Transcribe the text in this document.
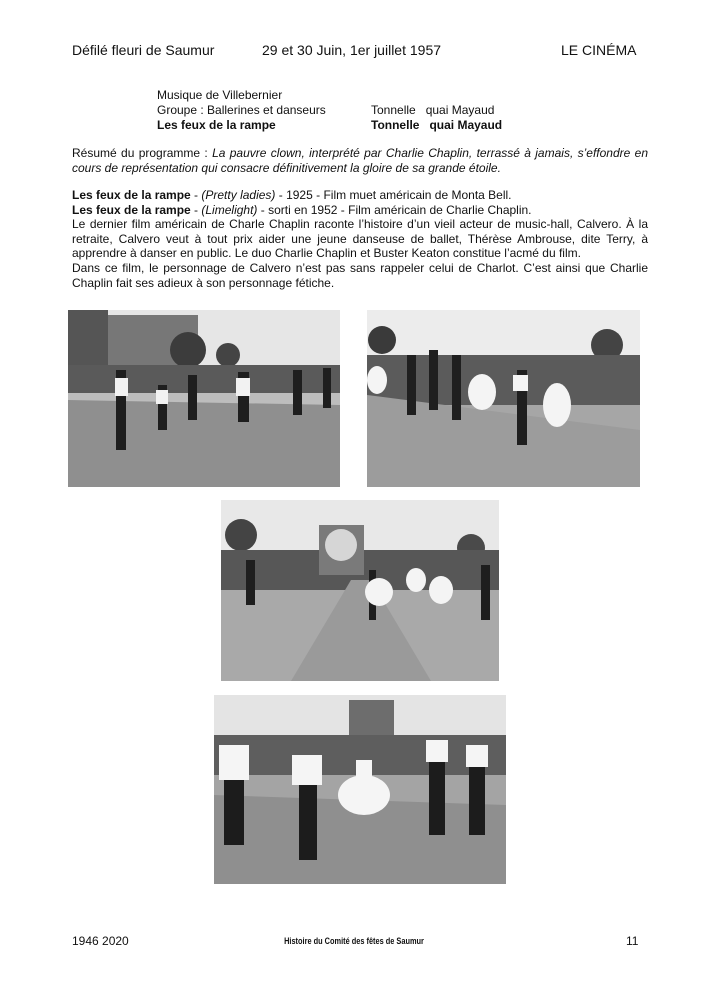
Défilé fleuri de Saumur	29 et 30 Juin, 1er juillet 1957	LE CINÉMA
Musique de Villebernier
Groupe : Ballerines et danseurs	Tonnelle   quai Mayaud
Les feux de la rampe	Tonnelle   quai Mayaud
Résumé du programme : La pauvre clown, interprété par Charlie Chaplin, terrassé à jamais, s’effondre en cours de représentation qui consacre définitivement la gloire de sa grande étoile.

Les feux de la rampe - (Pretty ladies) - 1925 - Film muet américain de Monta Bell.

Les feux de la rampe - (Limelight) - sorti en 1952 - Film américain de Charlie Chaplin.

Le dernier film américain de Charle Chaplin raconte l’histoire d’un vieil acteur de music-hall, Calvero. À la retraite, Calvero veut à tout prix aider une jeune danseuse de ballet, Thérèse Ambrouse, dite Terry, à apprendre à danser en public. Le duo Charlie Chaplin et Buster Keaton constitue l’acmé du film.

Dans ce film, le personnage de Calvero n’est pas sans rappeler celui de Charlot. C’est ainsi que Charlie Chaplin fait ses adieux à son personnage fétiche.

1946 2020	Histoire du Comité des fêtes de Saumur	11
